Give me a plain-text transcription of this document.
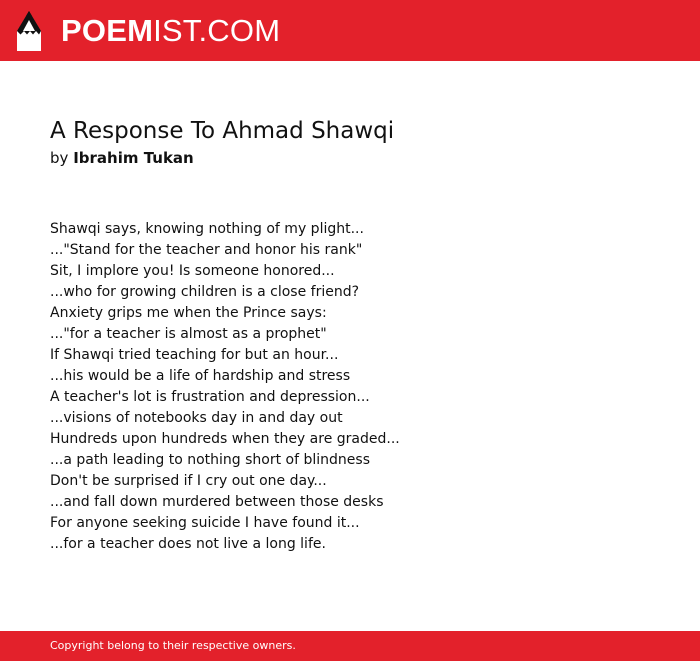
POEMIST.COM
A Response To Ahmad Shawqi

by Ibrahim Tukan

Shawqi says, knowing nothing of my plight...
..."Stand for the teacher and honor his rank"
Sit, I implore you! Is someone honored...
...who for growing children is a close friend?
Anxiety grips me when the Prince says:
..."for a teacher is almost as a prophet"
If Shawqi tried teaching for but an hour...
...his would be a life of hardship and stress
A teacher's lot is frustration and depression...
...visions of notebooks day in and day out
Hundreds upon hundreds when they are graded...
...a path leading to nothing short of blindness
Don't be surprised if I cry out one day...
...and fall down murdered between those desks
For anyone seeking suicide I have found it...
...for a teacher does not live a long life.
Copyright belong to their respective owners.
